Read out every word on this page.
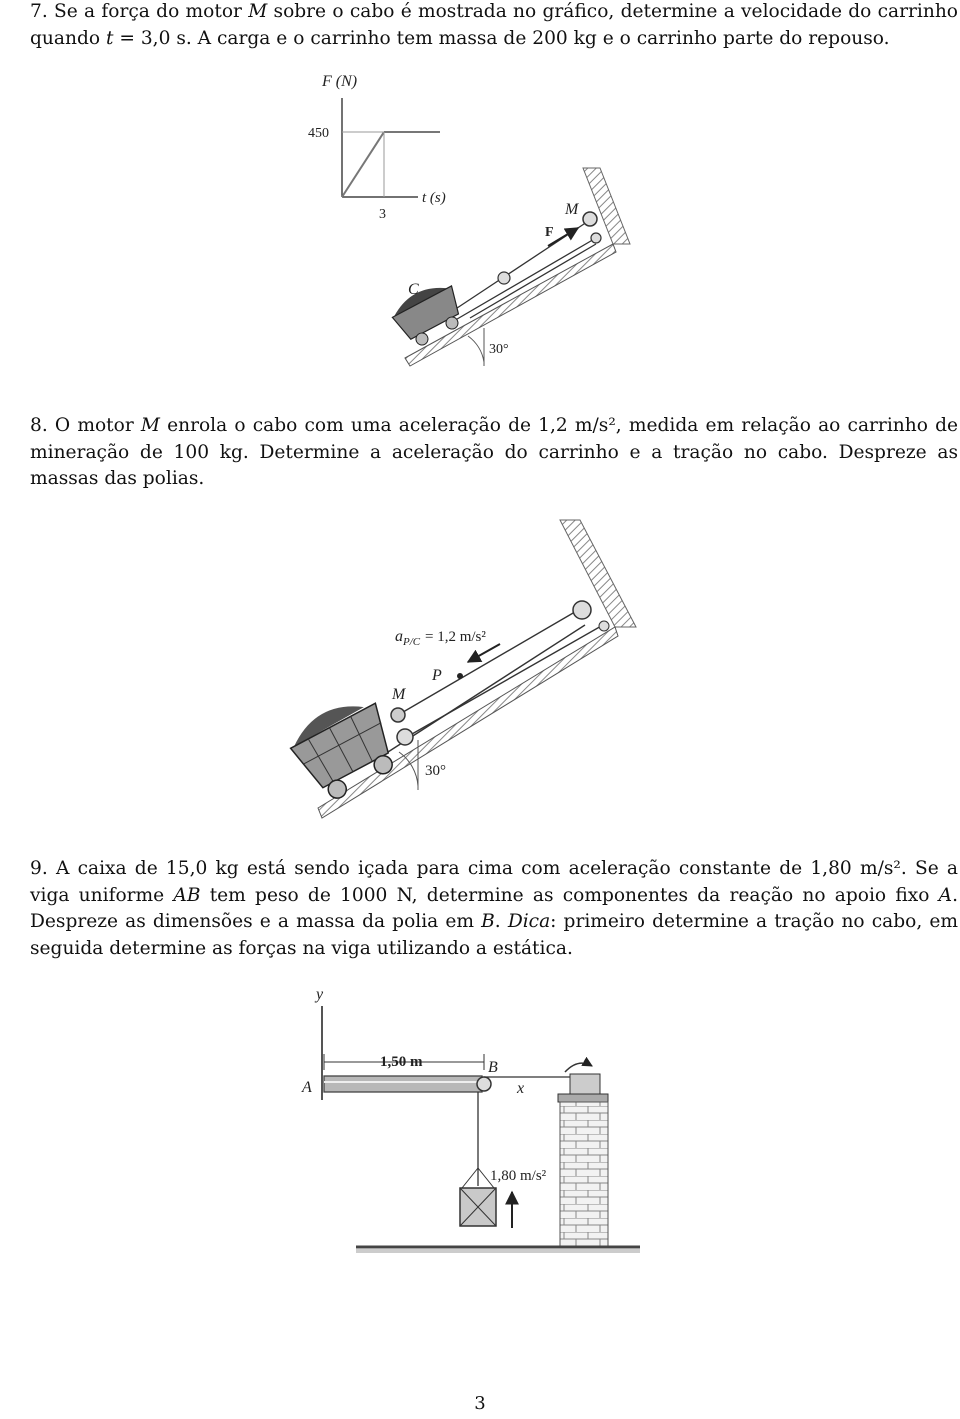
7. Se a força do motor M sobre o cabo é mostrada no gráfico, determine a velocidade do carrinho quando t = 3,0 s. A carga e o carrinho tem massa de 200 kg e o carrinho parte do repouso.
8. O motor M enrola o cabo com uma aceleração de 1,2 m/s², medida em relação ao carrinho de mineração de 100 kg. Determine a aceleração do carrinho e a tração no cabo. Despreze as massas das polias.
9. A caixa de 15,0 kg está sendo içada para cima com aceleração constante de 1,80 m/s². Se a viga uniforme AB tem peso de 1000 N, determine as componentes da reação no apoio fixo A. Despreze as dimensões e a massa da polia em B. Dica: primeiro determine a tração no cabo, em seguida determine as forças na viga utilizando a estática.
F (N)
t (s)
450
3	M
F
C
30°
$a_{P/C} = 1,2$ m/s²
P
M
30°
y
1,50 m
A
B
x
1,80 m/s²
3
